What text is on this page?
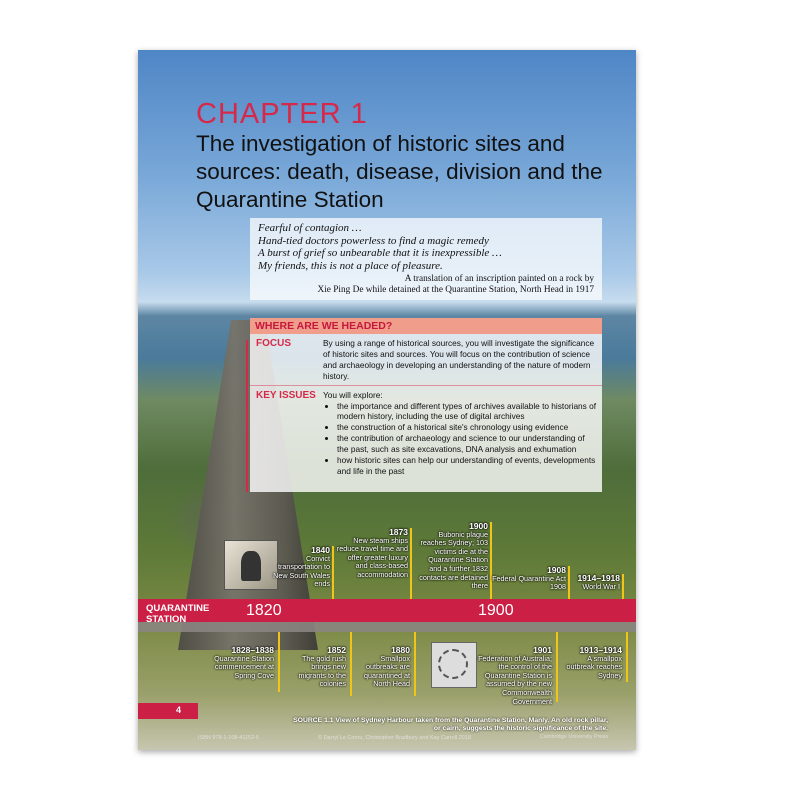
CHAPTER 1
The investigation of historic sites and sources: death, disease, division and the Quarantine Station
Fearful of contagion …
Hand-tied doctors powerless to find a magic remedy
A burst of grief so unbearable that it is inexpressible …
My friends, this is not a place of pleasure.
A translation of an inscription painted on a rock by
Xie Ping De while detained at the Quarantine Station, North Head in 1917
WHERE ARE WE HEADED?
FOCUS	By using a range of historical sources, you will investigate the significance of historic sites and sources. You will focus on the contribution of science and archaeology in developing an understanding of the nature of modern history.
KEY ISSUES You will explore:
• the importance and different types of archives available to historians of modern history, including the use of digital archives
• the construction of a historical site's chronology using evidence
• the contribution of archaeology and science to our understanding of the past, such as site excavations, DNA analysis and exhumation
• how historic sites can help our understanding of events, developments and life in the past
1840
Convict transportation to New South Wales ends
1873
New steam ships reduce travel time and offer greater luxury and class-based accommodation
1900
Bubonic plague reaches Sydney; 103 victims die at the Quarantine Station and a further 1832 contacts are detained there
1908
Federal Quarantine Act 1908
1914–1918
World War I
QUARANTINE
STATION
1820	1900
1828–1838
Quarantine Station commencement at Spring Cove
1852
The gold rush brings new migrants to the colonies
1880
Smallpox outbreaks are quarantined at North Head
1901
Federation of Australia; the control of the Quarantine Station is assumed by the new Commonwealth Government
1913–1914
A smallpox outbreak reaches Sydney
4
SOURCE 1.1 View of Sydney Harbour taken from the Quarantine Station, Manly. An old rock pillar, or cairn, suggests the historic significance of the site.
ISBN 978-1-108-41152-5	© Darryl Le Cornu, Christopher Bradbury and Kay Carroll 2018	Cambridge University Press
